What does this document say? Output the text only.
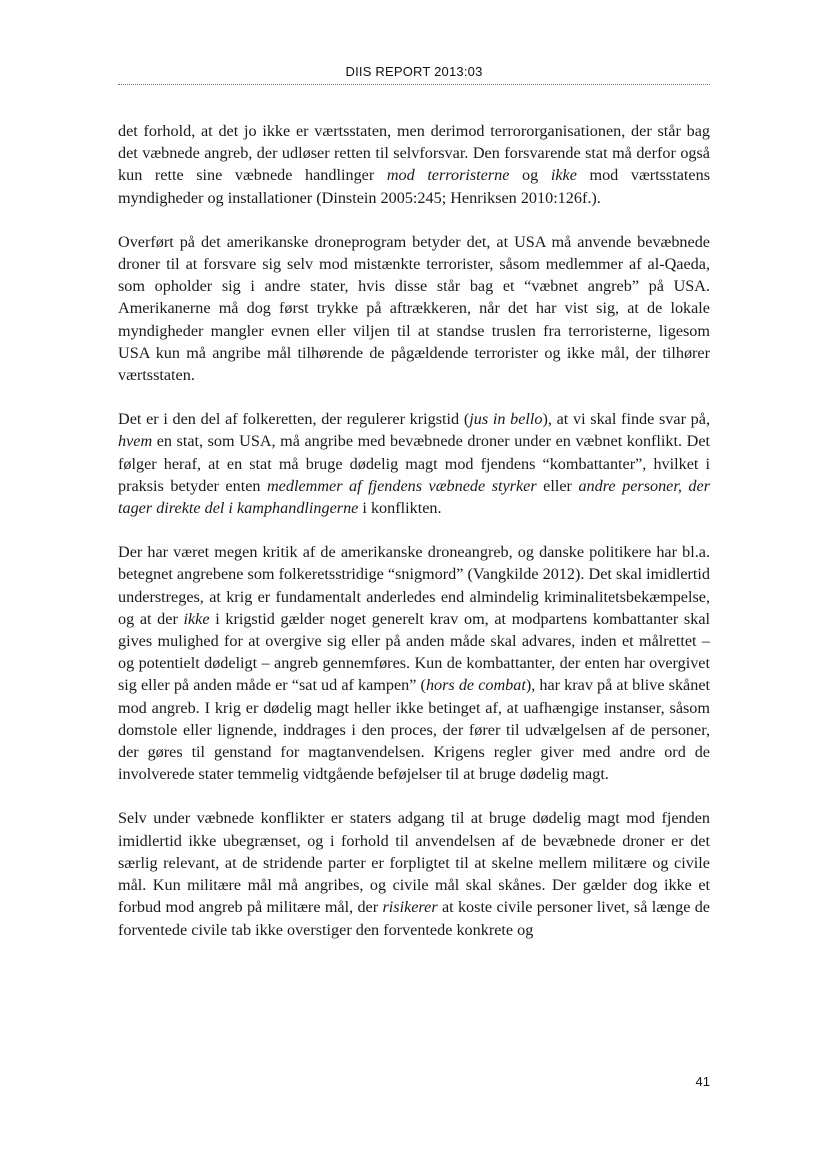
DIIS REPORT 2013:03

det forhold, at det jo ikke er værtsstaten, men derimod terrororganisationen, der står bag det væbnede angreb, der udløser retten til selvforsvar. Den forsvarende stat må derfor også kun rette sine væbnede handlinger mod terroristerne og ikke mod værtsstatens myndigheder og installationer (Dinstein 2005:245; Henriksen 2010:126f.).

Overført på det amerikanske droneprogram betyder det, at USA må anvende bevæbnede droner til at forsvare sig selv mod mistænkte terrorister, såsom medlemmer af al-Qaeda, som opholder sig i andre stater, hvis disse står bag et “væbnet angreb” på USA. Amerikanerne må dog først trykke på aftrækkeren, når det har vist sig, at de lokale myndigheder mangler evnen eller viljen til at standse truslen fra terroristerne, ligesom USA kun må angribe mål tilhørende de pågældende terrorister og ikke mål, der tilhører værtsstaten.

Det er i den del af folkeretten, der regulerer krigstid (jus in bello), at vi skal finde svar på, hvem en stat, som USA, må angribe med bevæbnede droner under en væbnet konflikt. Det følger heraf, at en stat må bruge dødelig magt mod fjendens “kombattanter”, hvilket i praksis betyder enten medlemmer af fjendens væbnede styrker eller andre personer, der tager direkte del i kamphandlingerne i konflikten.

Der har været megen kritik af de amerikanske droneangreb, og danske politikere har bl.a. betegnet angrebene som folkeretsstridige “snigmord” (Vangkilde 2012). Det skal imidlertid understreges, at krig er fundamentalt anderledes end almindelig kriminalitetsbekæmpelse, og at der ikke i krigstid gælder noget generelt krav om, at modpartens kombattanter skal gives mulighed for at overgive sig eller på anden måde skal advares, inden et målrettet – og potentielt dødeligt – angreb gennemføres. Kun de kombattanter, der enten har overgivet sig eller på anden måde er “sat ud af kampen” (hors de combat), har krav på at blive skånet mod angreb. I krig er dødelig magt heller ikke betinget af, at uafhængige instanser, såsom domstole eller lignende, inddrages i den proces, der fører til udvælgelsen af de personer, der gøres til genstand for magtanvendelsen. Krigens regler giver med andre ord de involverede stater temmelig vidtgående beføjelser til at bruge dødelig magt.

Selv under væbnede konflikter er staters adgang til at bruge dødelig magt mod fjenden imidlertid ikke ubegrænset, og i forhold til anvendelsen af de bevæbnede droner er det særlig relevant, at de stridende parter er forpligtet til at skelne mellem militære og civile mål. Kun militære mål må angribes, og civile mål skal skånes. Der gælder dog ikke et forbud mod angreb på militære mål, der risikerer at koste civile personer livet, så længe de forventede civile tab ikke overstiger den forventede konkrete og

41
